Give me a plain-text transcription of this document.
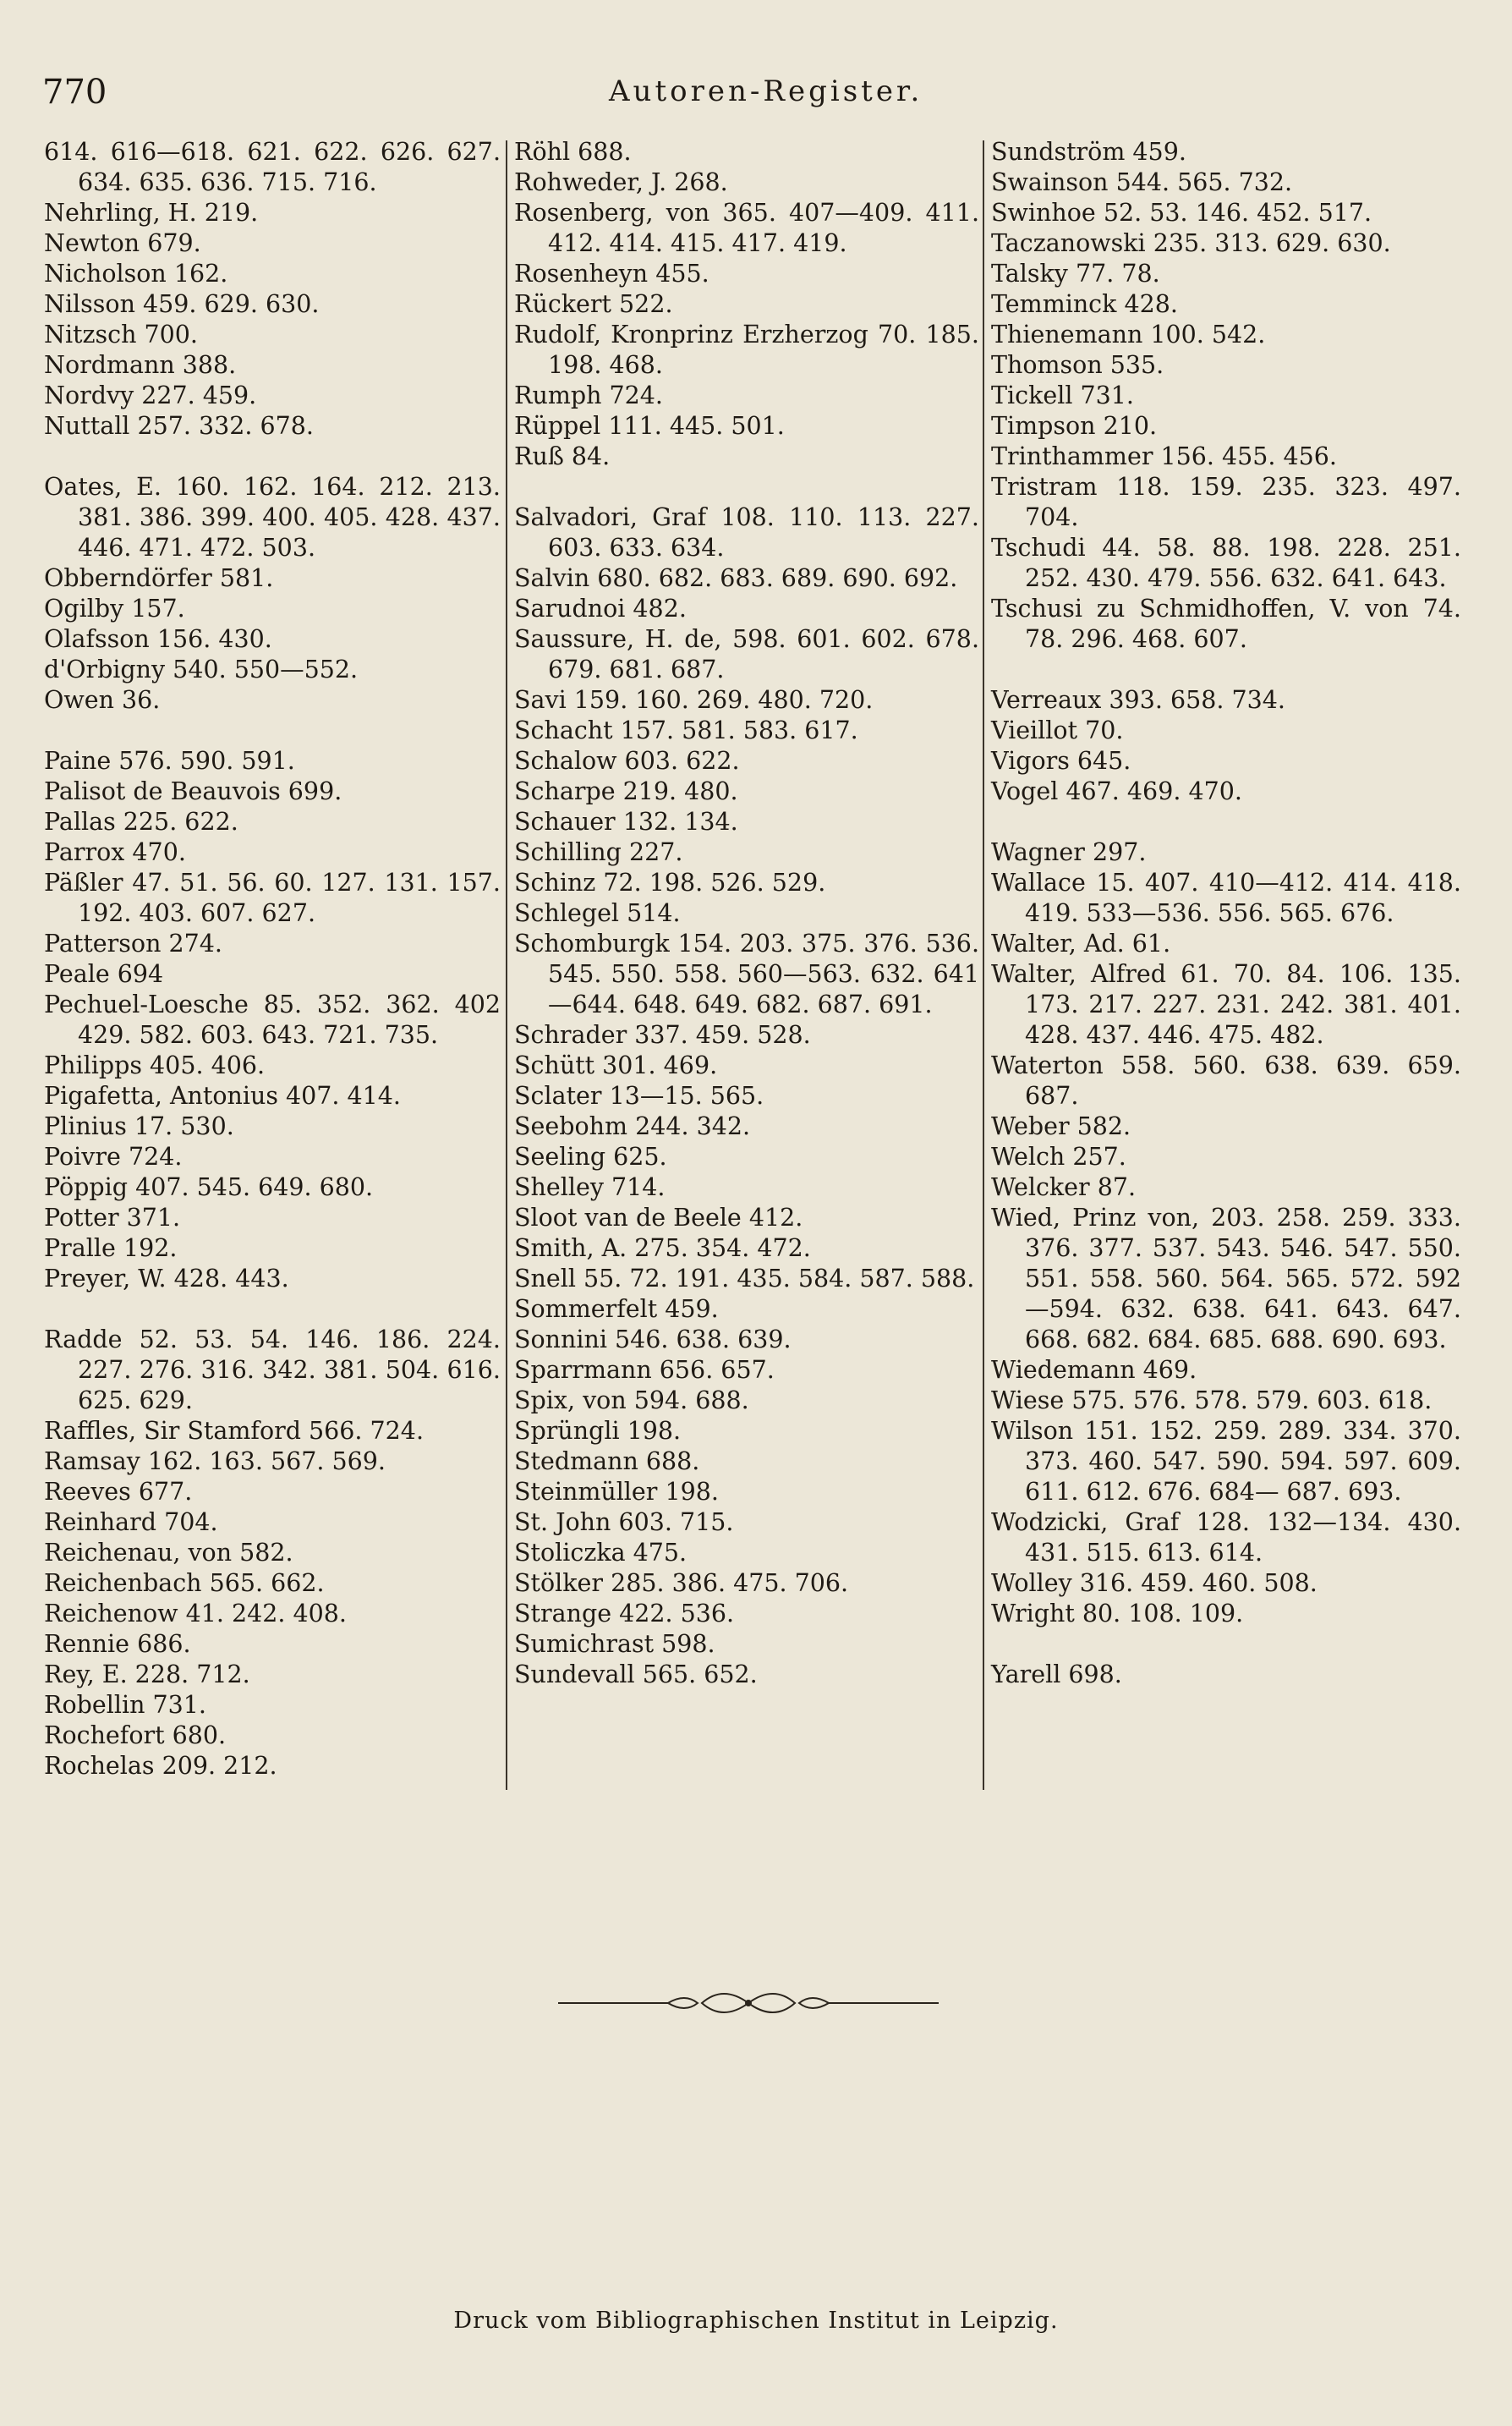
770	Autoren-Register.
614. 616—618. 621. 622. 626. 627. 634. 635. 636. 715. 716.
Nehrling, H. 219.
Newton 679.
Nicholson 162.
Nilsson 459. 629. 630.
Nitzsch 700.
Nordmann 388.
Nordvy 227. 459.
Nuttall 257. 332. 678.
Oates, E. 160. 162. 164. 212. 213. 381. 386. 399. 400. 405. 428. 437. 446. 471. 472. 503.
Obberndörfer 581.
Ogilby 157.
Olafsson 156. 430.
d'Orbigny 540. 550—552.
Owen 36.
Paine 576. 590. 591.
Palisot de Beauvois 699.
Pallas 225. 622.
Parrox 470.
Päßler 47. 51. 56. 60. 127. 131. 157. 192. 403. 607. 627.
Patterson 274.
Peale 694
Pechuel-Loesche 85. 352. 362. 402 429. 582. 603. 643. 721. 735.
Philipps 405. 406.
Pigafetta, Antonius 407. 414.
Plinius 17. 530.
Poivre 724.
Pöppig 407. 545. 649. 680.
Potter 371.
Pralle 192.
Preyer, W. 428. 443.
Radde 52. 53. 54. 146. 186. 224. 227. 276. 316. 342. 381. 504. 616. 625. 629.
Raffles, Sir Stamford 566. 724.
Ramsay 162. 163. 567. 569.
Reeves 677.
Reinhard 704.
Reichenau, von 582.
Reichenbach 565. 662.
Reichenow 41. 242. 408.
Rennie 686.
Rey, E. 228. 712.
Robellin 731.
Rochefort 680.
Rochelas 209. 212.
Röhl 688.
Rohweder, J. 268.
Rosenberg, von 365. 407—409. 411. 412. 414. 415. 417. 419.
Rosenheyn 455.
Rückert 522.
Rudolf, Kronprinz Erzherzog 70. 185. 198. 468.
Rumph 724.
Rüppel 111. 445. 501.
Ruß 84.
Salvadori, Graf 108. 110. 113. 227. 603. 633. 634.
Salvin 680. 682. 683. 689. 690. 692.
Sarudnoi 482.
Saussure, H. de, 598. 601. 602. 678. 679. 681. 687.
Savi 159. 160. 269. 480. 720.
Schacht 157. 581. 583. 617.
Schalow 603. 622.
Scharpe 219. 480.
Schauer 132. 134.
Schilling 227.
Schinz 72. 198. 526. 529.
Schlegel 514.
Schomburgk 154. 203. 375. 376. 536. 545. 550. 558. 560—563. 632. 641—644. 648. 649. 682. 687. 691.
Schrader 337. 459. 528.
Schütt 301. 469.
Sclater 13—15. 565.
Seebohm 244. 342.
Seeling 625.
Shelley 714.
Sloot van de Beele 412.
Smith, A. 275. 354. 472.
Snell 55. 72. 191. 435. 584. 587. 588.
Sommerfelt 459.
Sonnini 546. 638. 639.
Sparrmann 656. 657.
Spix, von 594. 688.
Sprüngli 198.
Stedmann 688.
Steinmüller 198.
St. John 603. 715.
Stoliczka 475.
Stölker 285. 386. 475. 706.
Strange 422. 536.
Sumichrast 598.
Sundevall 565. 652.
Sundström 459.
Swainson 544. 565. 732.
Swinhoe 52. 53. 146. 452. 517.
Taczanowski 235. 313. 629. 630.
Talsky 77. 78.
Temminck 428.
Thienemann 100. 542.
Thomson 535.
Tickell 731.
Timpson 210.
Trinthammer 156. 455. 456.
Tristram 118. 159. 235. 323. 497. 704.
Tschudi 44. 58. 88. 198. 228. 251. 252. 430. 479. 556. 632. 641. 643.
Tschusi zu Schmidhoffen, V. von 74. 78. 296. 468. 607.
Verreaux 393. 658. 734.
Vieillot 70.
Vigors 645.
Vogel 467. 469. 470.
Wagner 297.
Wallace 15. 407. 410—412. 414. 418. 419. 533—536. 556. 565. 676.
Walter, Ad. 61.
Walter, Alfred 61. 70. 84. 106. 135. 173. 217. 227. 231. 242. 381. 401. 428. 437. 446. 475. 482.
Waterton 558. 560. 638. 639. 659. 687.
Weber 582.
Welch 257.
Welcker 87.
Wied, Prinz von, 203. 258. 259. 333. 376. 377. 537. 543. 546. 547. 550. 551. 558. 560. 564. 565. 572. 592—594. 632. 638. 641. 643. 647. 668. 682. 684. 685. 688. 690. 693.
Wiedemann 469.
Wiese 575. 576. 578. 579. 603. 618.
Wilson 151. 152. 259. 289. 334. 370. 373. 460. 547. 590. 594. 597. 609. 611. 612. 676. 684— 687. 693.
Wodzicki, Graf 128. 132—134. 430. 431. 515. 613. 614.
Wolley 316. 459. 460. 508.
Wright 80. 108. 109.
Yarell 698.
Druck vom Bibliographischen Institut in Leipzig.
